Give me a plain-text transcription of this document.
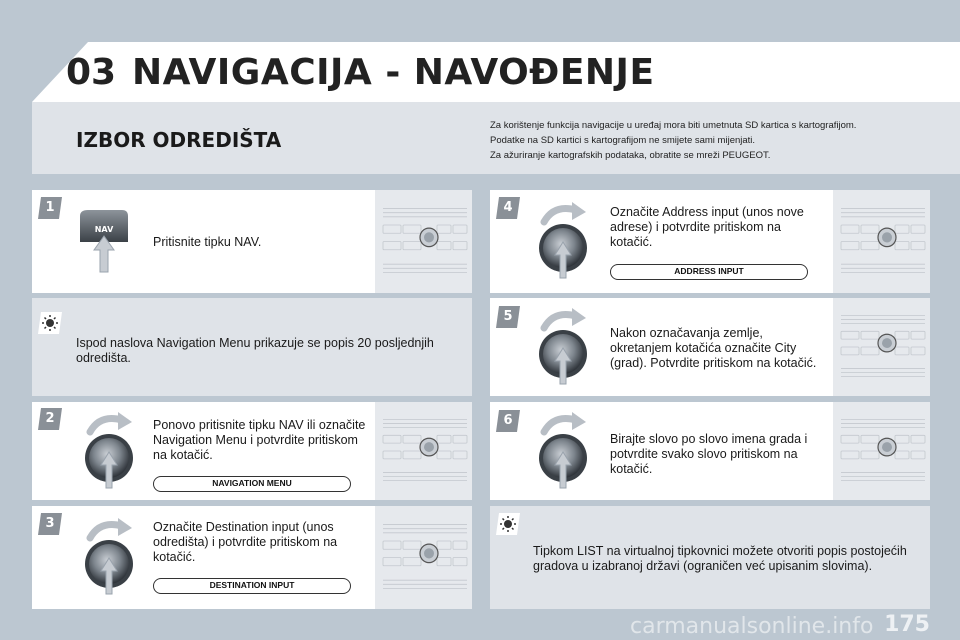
03 NAVIGACIJA - NAVOĐENJE
IZBOR ODREDIŠTA
Za korištenje funkcija navigacije u uređaj mora biti umetnuta SD kartica s kartografijom.
Podatke na SD kartici s kartografijom ne smijete sami mijenjati.
Za ažuriranje kartografskih podataka, obratite se mreži PEUGEOT.
1
NAV
Pritisnite tipku NAV.
Ispod naslova Navigation Menu prikazuje se popis 20 posljednjih odredišta.
2	Ponovo pritisnite tipku NAV ili označite Navigation Menu i potvrdite pritiskom na kotačić.
NAVIGATION MENU
3	Označite Destination input (unos odredišta) i potvrdite pritiskom na kotačić.
DESTINATION INPUT
4	Označite Address input (unos nove adrese) i potvrdite pritiskom na kotačić.
ADDRESS INPUT
5
Nakon označavanja zemlje, okretanjem kotačića označite City (grad). Potvrdite pritiskom na kotačić.
6
Birajte slovo po slovo imena grada i potvrdite svako slovo pritiskom na kotačić.
Tipkom LIST na virtualnoj tipkovnici možete otvoriti popis postojećih gradova u izabranoj državi (ograničen već upisanim slovima).
carmanualsonline.info 175
